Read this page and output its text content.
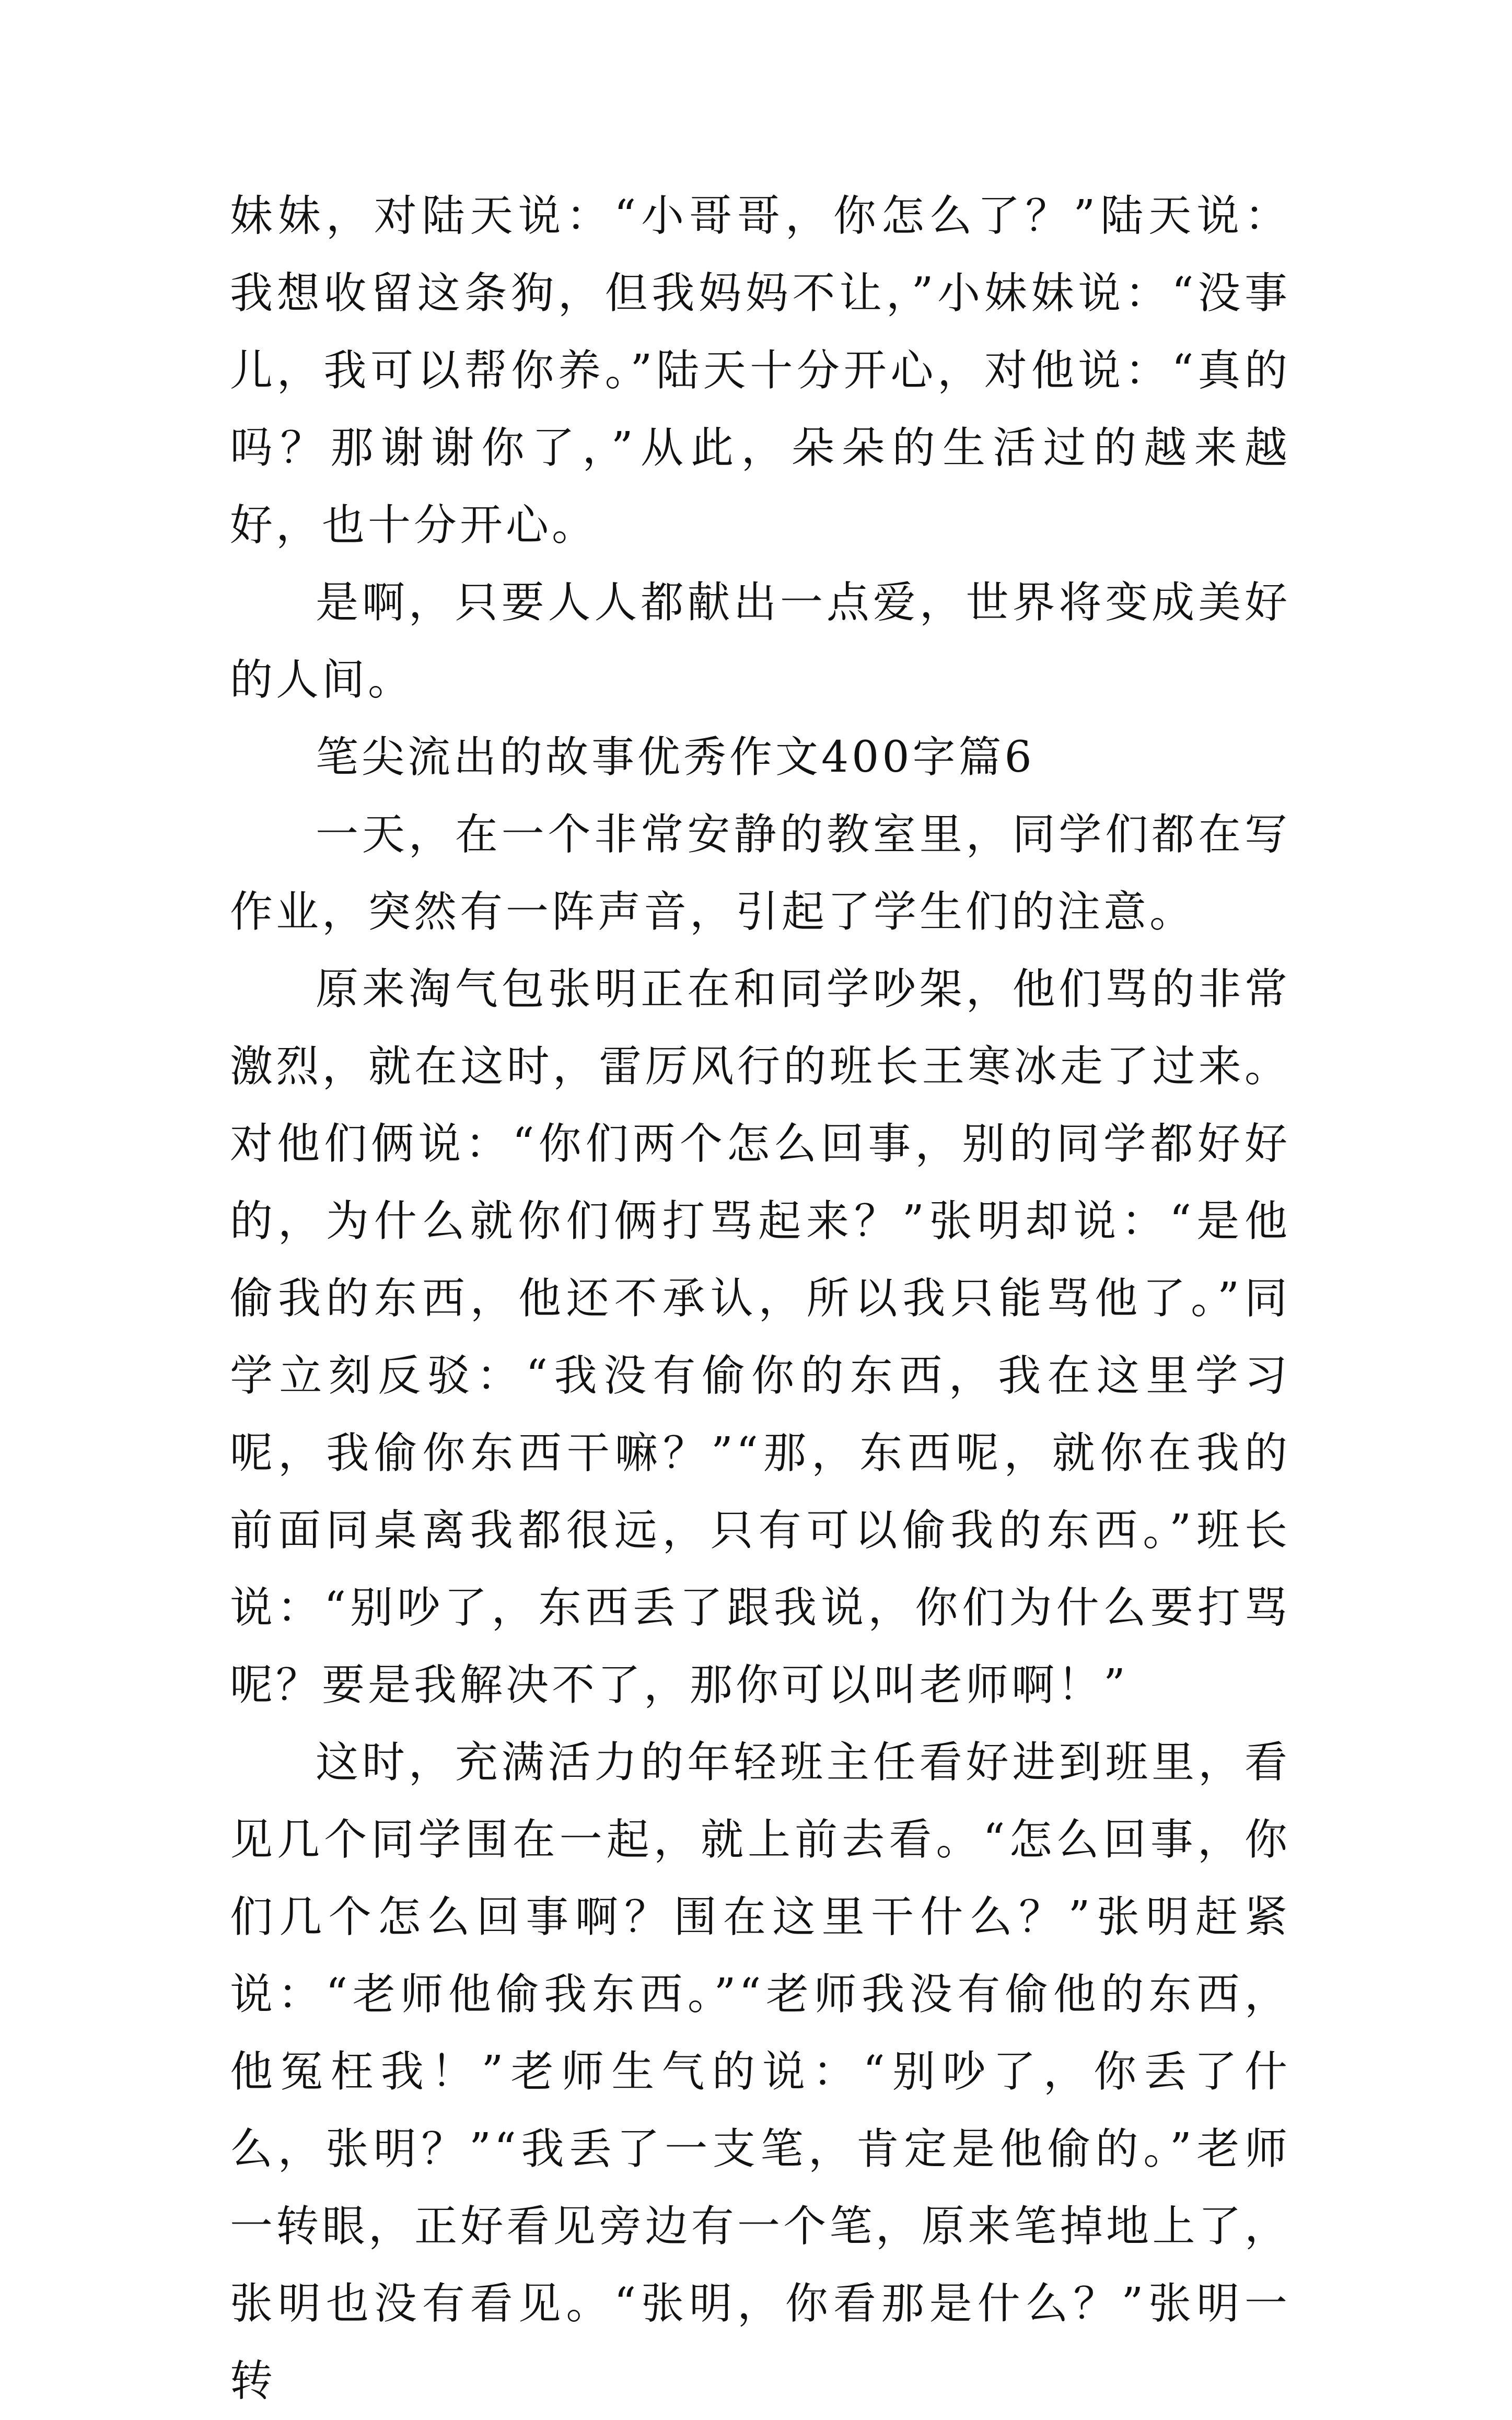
妹妹，对陆天说：“小哥哥，你怎么了？”陆天说：我想收留这条狗，但我妈妈不让，”小妹妹说：“没事儿，我可以帮你养。”陆天十分开心，对他说：“真的吗？那谢谢你了，”从此，朵朵的生活过的越来越好，也十分开心。

是啊，只要人人都献出一点爱，世界将变成美好的人间。

笔尖流出的故事优秀作文400字篇6

一天，在一个非常安静的教室里，同学们都在写作业，突然有一阵声音，引起了学生们的注意。

原来淘气包张明正在和同学吵架，他们骂的非常激烈，就在这时，雷厉风行的班长王寒冰走了过来。对他们俩说：“你们两个怎么回事，别的同学都好好的，为什么就你们俩打骂起来？”张明却说：“是他偷我的东西，他还不承认，所以我只能骂他了。”同学立刻反驳：“我没有偷你的东西，我在这里学习呢，我偷你东西干嘛？”“那，东西呢，就你在我的前面同桌离我都很远，只有可以偷我的东西。”班长说：“别吵了，东西丢了跟我说，你们为什么要打骂呢？要是我解决不了，那你可以叫老师啊！”

这时，充满活力的年轻班主任看好进到班里，看见几个同学围在一起，就上前去看。“怎么回事，你们几个怎么回事啊？围在这里干什么？”张明赶紧说：“老师他偷我东西。”“老师我没有偷他的东西，他冤枉我！”老师生气的说：“别吵了，你丢了什么，张明？”“我丢了一支笔，肯定是他偷的。”老师一转眼，正好看见旁边有一个笔，原来笔掉地上了，张明也没有看见。“张明，你看那是什么？”张明一转
